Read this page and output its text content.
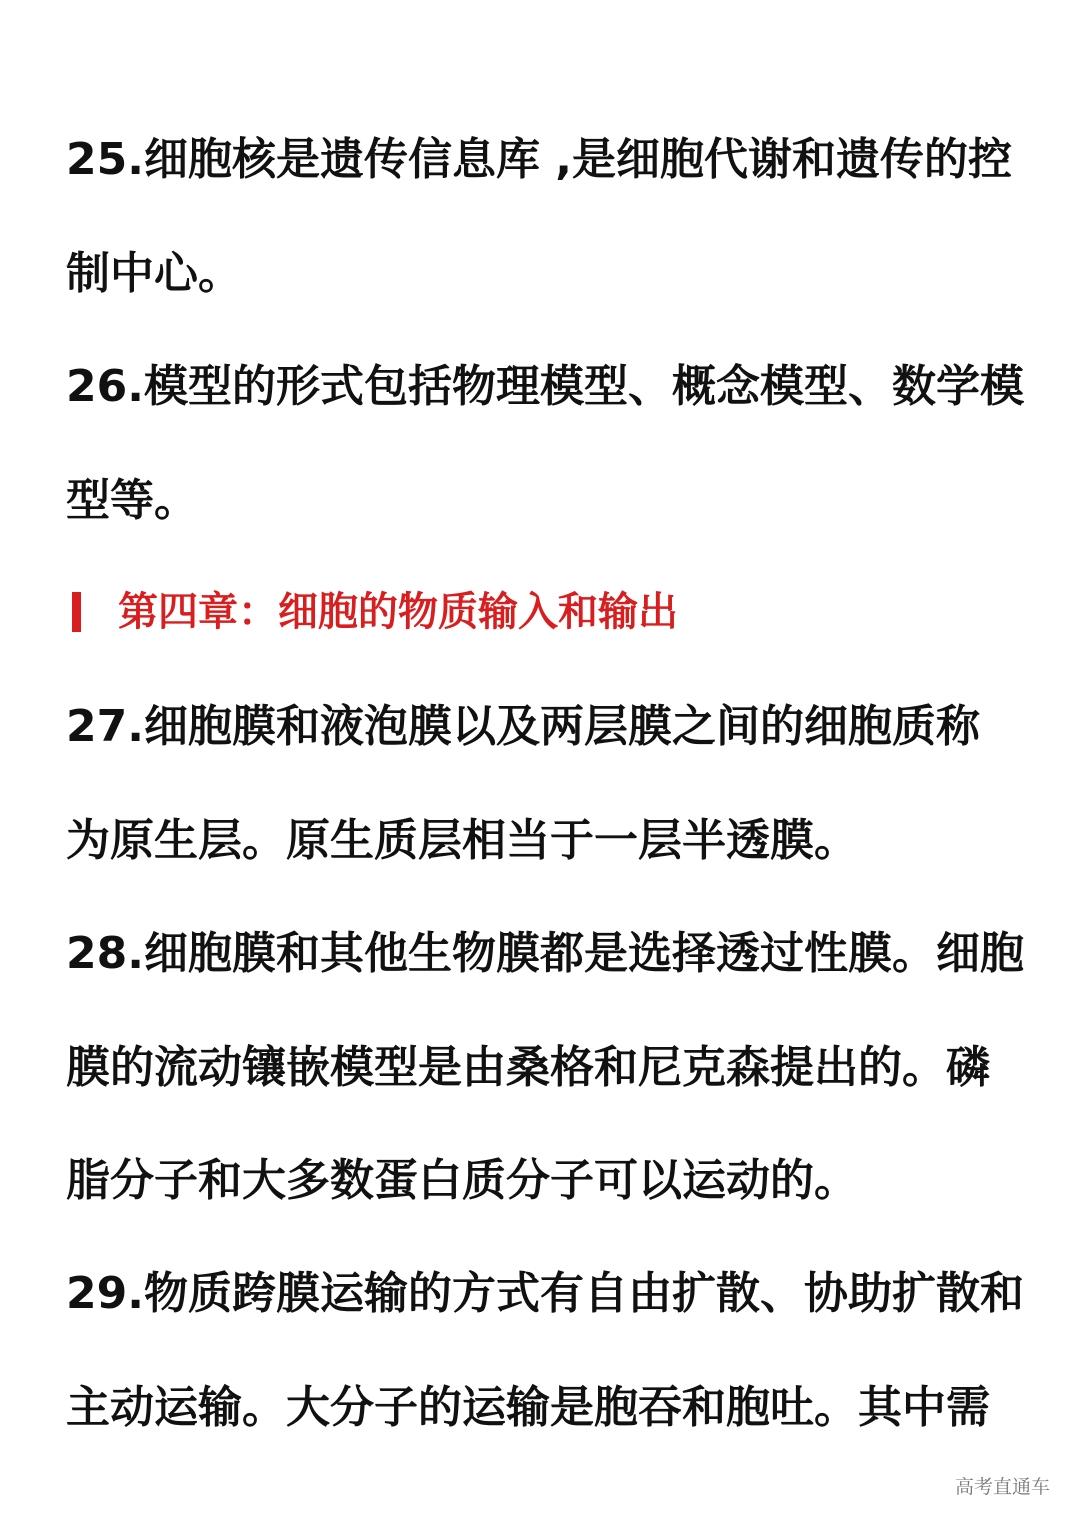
25.细胞核是遗传信息库 ,是细胞代谢和遗传的控
制中心。
26.模型的形式包括物理模型、概念模型、数学模
型等。
第四章：细胞的物质输入和输出
27.细胞膜和液泡膜以及两层膜之间的细胞质称
为原生层。原生质层相当于一层半透膜。
28.细胞膜和其他生物膜都是选择透过性膜。细胞
膜的流动镶嵌模型是由桑格和尼克森提出的。磷
脂分子和大多数蛋白质分子可以运动的。
29.物质跨膜运输的方式有自由扩散、协助扩散和
主动运输。大分子的运输是胞吞和胞吐。其中需
高考直通车
